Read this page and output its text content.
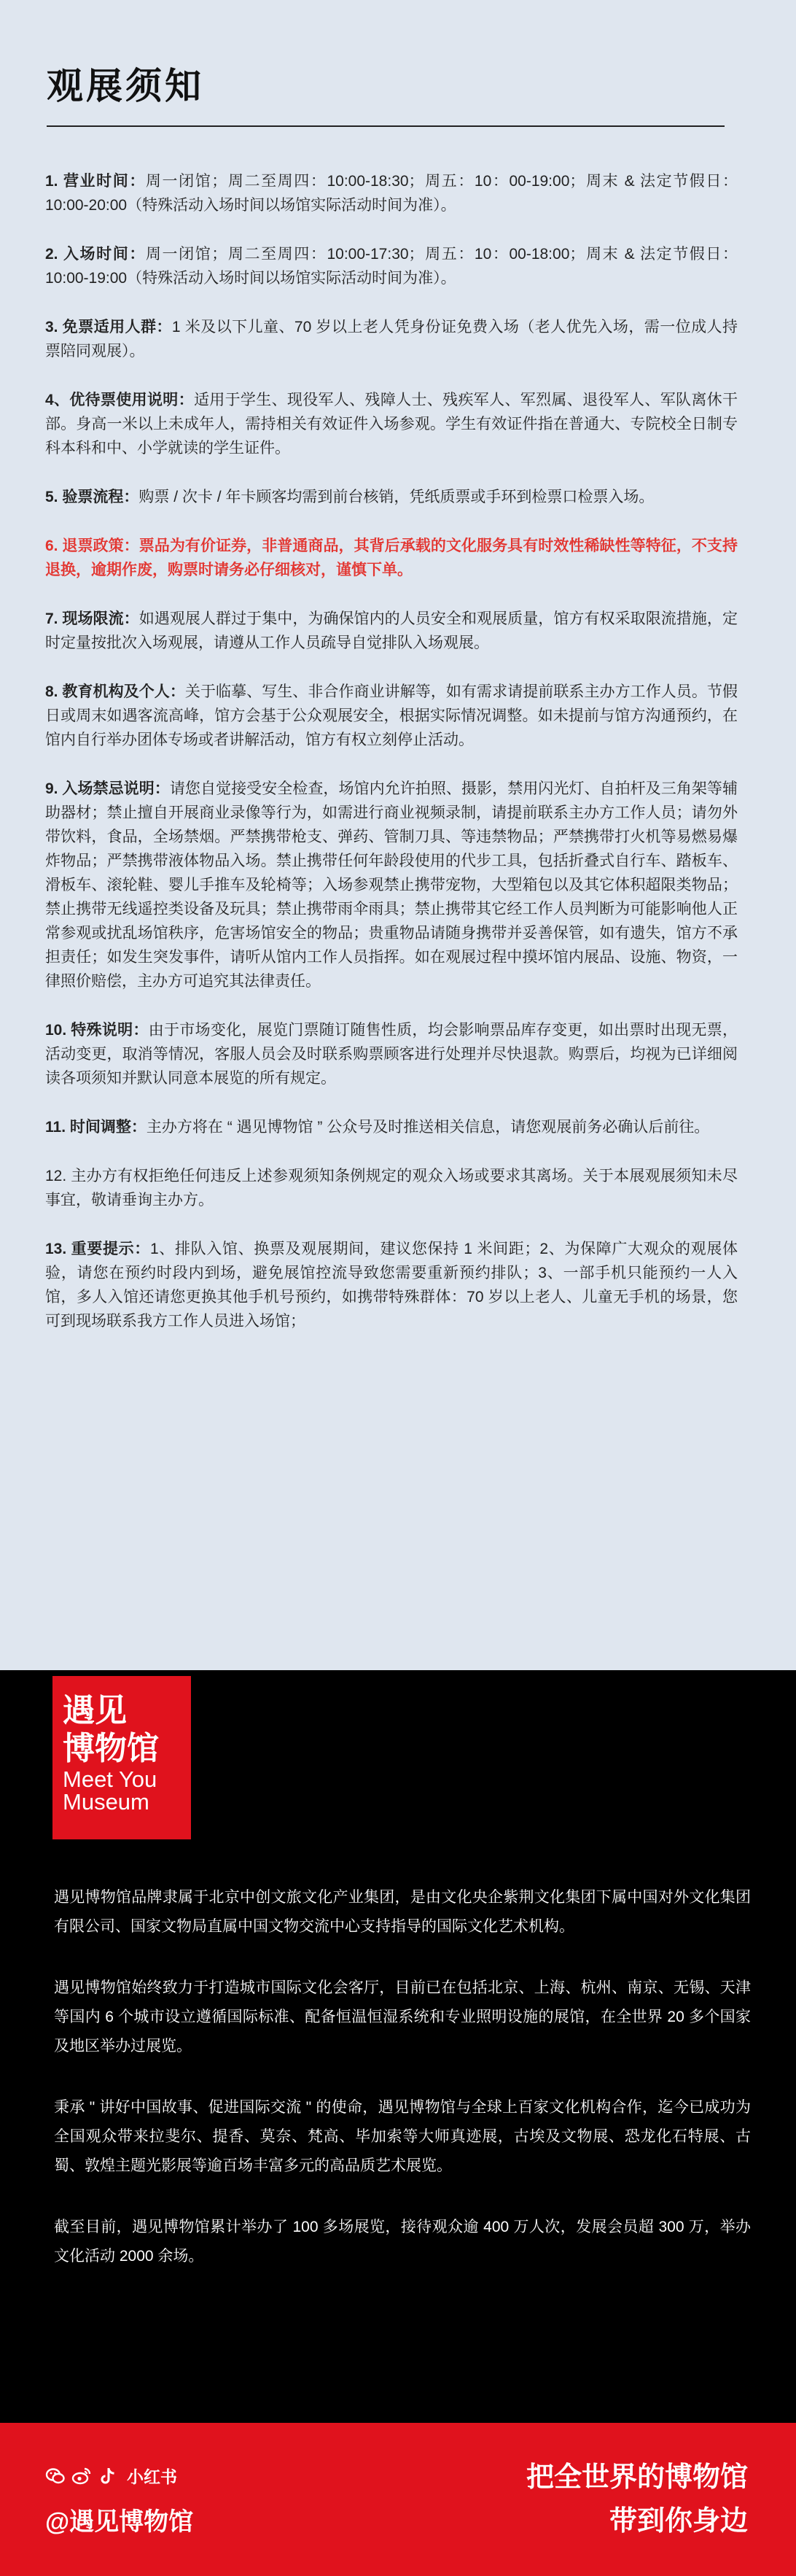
观展须知

1. 营业时间：周一闭馆；周二至周四：10:00-18:30；周五：10：00-19:00；周末 & 法定节假日：10:00-20:00（特殊活动入场时间以场馆实际活动时间为准）。

2. 入场时间：周一闭馆；周二至周四：10:00-17:30；周五：10：00-18:00；周末 & 法定节假日：10:00-19:00（特殊活动入场时间以场馆实际活动时间为准）。

3. 免票适用人群：1 米及以下儿童、70 岁以上老人凭身份证免费入场（老人优先入场，需一位成人持票陪同观展）。

4、优待票使用说明：适用于学生、现役军人、残障人士、残疾军人、军烈属、退役军人、军队离休干部。身高一米以上未成年人，需持相关有效证件入场参观。学生有效证件指在普通大、专院校全日制专科本科和中、小学就读的学生证件。

5. 验票流程：购票 / 次卡 / 年卡顾客均需到前台核销，凭纸质票或手环到检票口检票入场。

6. 退票政策：票品为有价证券，非普通商品，其背后承载的文化服务具有时效性稀缺性等特征，不支持退换，逾期作废，购票时请务必仔细核对，谨慎下单。

7. 现场限流：如遇观展人群过于集中，为确保馆内的人员安全和观展质量，馆方有权采取限流措施，定时定量按批次入场观展，请遵从工作人员疏导自觉排队入场观展。

8. 教育机构及个人：关于临摹、写生、非合作商业讲解等，如有需求请提前联系主办方工作人员。节假日或周末如遇客流高峰，馆方会基于公众观展安全，根据实际情况调整。如未提前与馆方沟通预约，在馆内自行举办团体专场或者讲解活动，馆方有权立刻停止活动。

9. 入场禁忌说明：请您自觉接受安全检查，场馆内允许拍照、摄影，禁用闪光灯、自拍杆及三角架等辅助器材；禁止擅自开展商业录像等行为，如需进行商业视频录制，请提前联系主办方工作人员；请勿外带饮料，食品，全场禁烟。严禁携带枪支、弹药、管制刀具、等违禁物品；严禁携带打火机等易燃易爆炸物品；严禁携带液体物品入场。禁止携带任何年龄段使用的代步工具，包括折叠式自行车、踏板车、滑板车、滚轮鞋、婴儿手推车及轮椅等；入场参观禁止携带宠物，大型箱包以及其它体积超限类物品；禁止携带无线遥控类设备及玩具；禁止携带雨伞雨具；禁止携带其它经工作人员判断为可能影响他人正常参观或扰乱场馆秩序，危害场馆安全的物品；贵重物品请随身携带并妥善保管，如有遗失，馆方不承担责任；如发生突发事件，请听从馆内工作人员指挥。如在观展过程中摸坏馆内展品、设施、物资，一律照价赔偿，主办方可追究其法律责任。

10. 特殊说明：由于市场变化，展览门票随订随售性质，均会影响票品库存变更，如出票时出现无票，活动变更，取消等情况，客服人员会及时联系购票顾客进行处理并尽快退款。购票后，均视为已详细阅读各项须知并默认同意本展览的所有规定。

11. 时间调整：主办方将在 “ 遇见博物馆 ” 公众号及时推送相关信息，请您观展前务必确认后前往。

12. 主办方有权拒绝任何违反上述参观须知条例规定的观众入场或要求其离场。关于本展观展须知未尽事宜，敬请垂询主办方。

13. 重要提示：1、排队入馆、换票及观展期间，建议您保持 1 米间距；2、为保障广大观众的观展体验，请您在预约时段内到场，避免展馆控流导致您需要重新预约排队；3、一部手机只能预约一人入馆，多人入馆还请您更换其他手机号预约，如携带特殊群体：70 岁以上老人、儿童无手机的场景，您可到现场联系我方工作人员进入场馆；

遇见
博物馆
Meet You
Museum

遇见博物馆品牌隶属于北京中创文旅文化产业集团，是由文化央企紫荆文化集团下属中国对外文化集团有限公司、国家文物局直属中国文物交流中心支持指导的国际文化艺术机构。

遇见博物馆始终致力于打造城市国际文化会客厅，目前已在包括北京、上海、杭州、南京、无锡、天津等国内 6 个城市设立遵循国际标准、配备恒温恒湿系统和专业照明设施的展馆，在全世界 20 多个国家及地区举办过展览。

秉承 " 讲好中国故事、促进国际交流 " 的使命，遇见博物馆与全球上百家文化机构合作，迄今已成功为全国观众带来拉斐尔、提香、莫奈、梵高、毕加索等大师真迹展，古埃及文物展、恐龙化石特展、古蜀、敦煌主题光影展等逾百场丰富多元的高品质艺术展览。

截至目前，遇见博物馆累计举办了 100 多场展览，接待观众逾 400 万人次，发展会员超 300 万，举办文化活动 2000 余场。

小红书
@遇见博物馆
把全世界的博物馆
带到你身边
